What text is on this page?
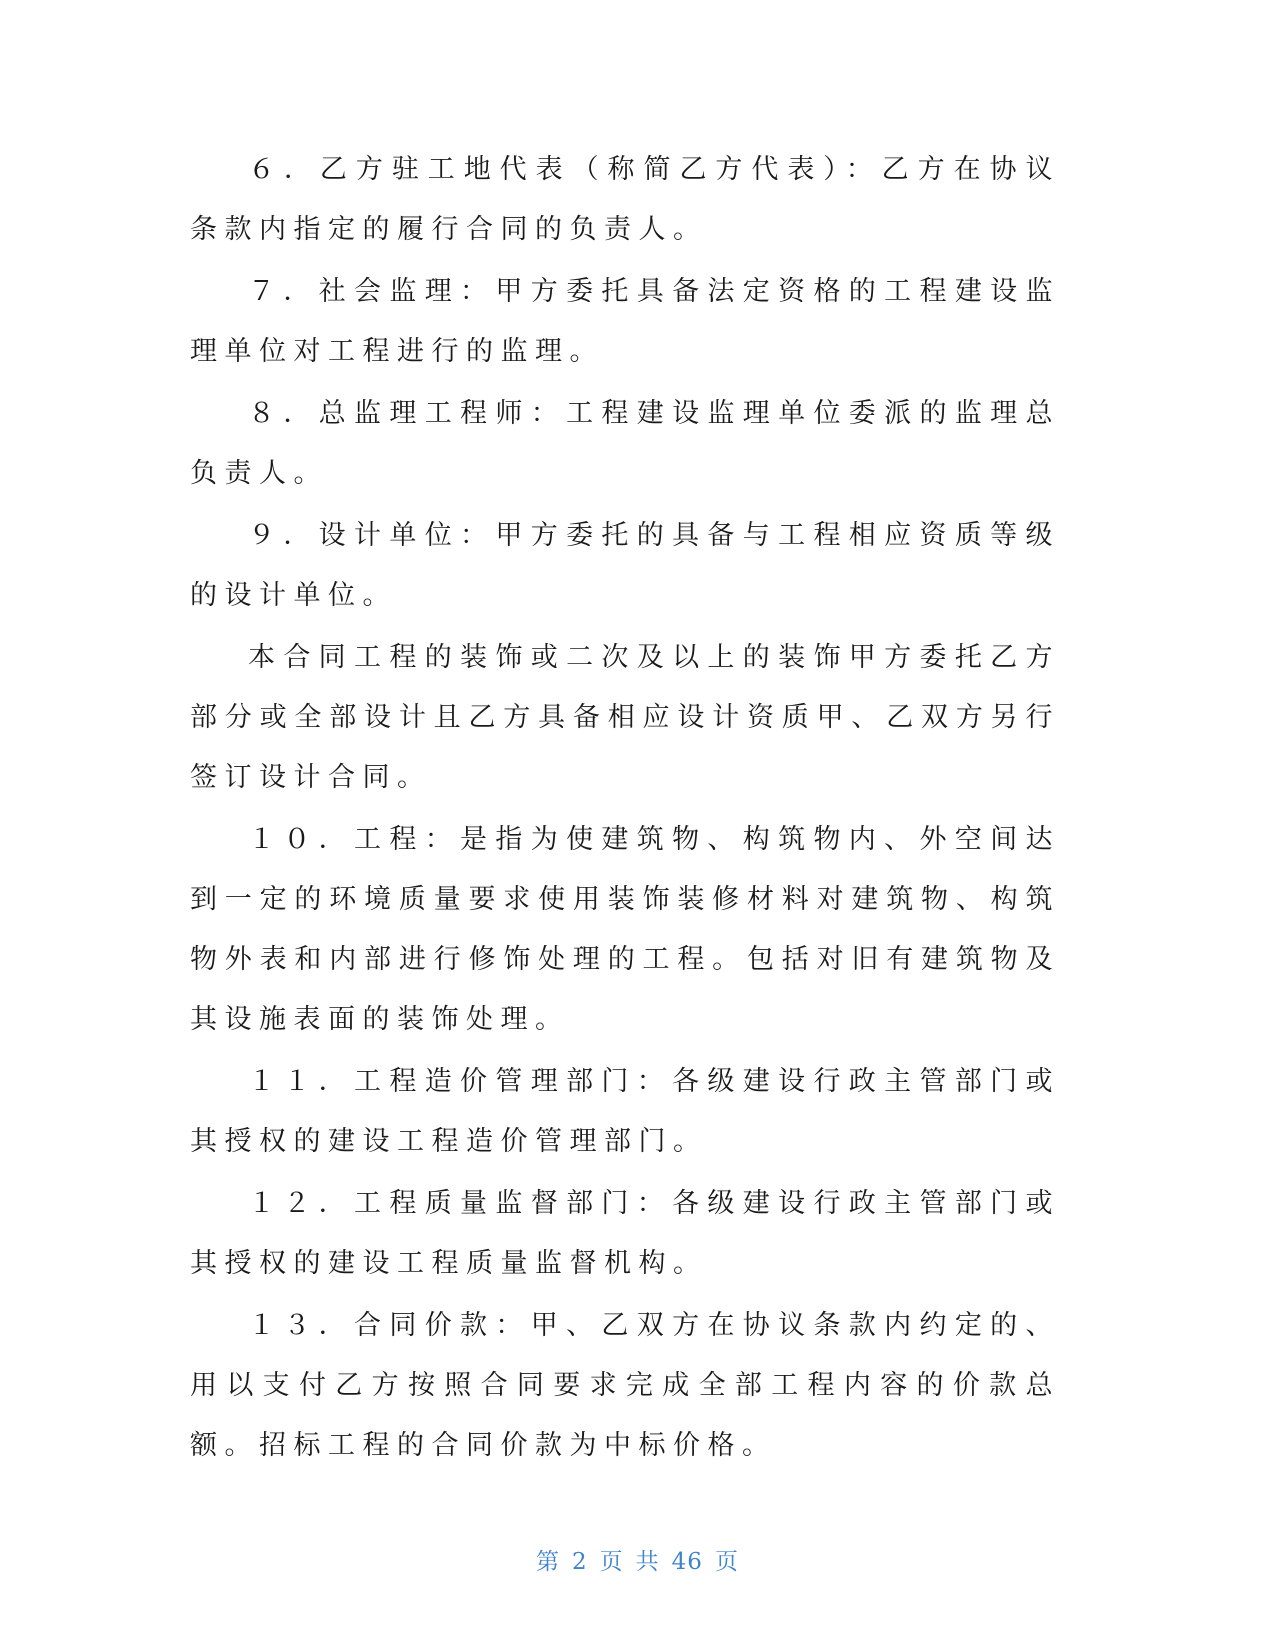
６．乙方驻工地代表（称简乙方代表）：乙方在协议条款内指定的履行合同的负责人。

７．社会监理：甲方委托具备法定资格的工程建设监理单位对工程进行的监理。

８．总监理工程师：工程建设监理单位委派的监理总负责人。

９．设计单位：甲方委托的具备与工程相应资质等级的设计单位。

本合同工程的装饰或二次及以上的装饰甲方委托乙方部分或全部设计且乙方具备相应设计资质甲、乙双方另行签订设计合同。

１０．工程：是指为使建筑物、构筑物内、外空间达到一定的环境质量要求使用装饰装修材料对建筑物、构筑物外表和内部进行修饰处理的工程。包括对旧有建筑物及其设施表面的装饰处理。

１１．工程造价管理部门：各级建设行政主管部门或其授权的建设工程造价管理部门。

１２．工程质量监督部门：各级建设行政主管部门或其授权的建设工程质量监督机构。

１３．合同价款：甲、乙双方在协议条款内约定的、用以支付乙方按照合同要求完成全部工程内容的价款总额。招标工程的合同价款为中标价格。

第 2 页 共 46 页
